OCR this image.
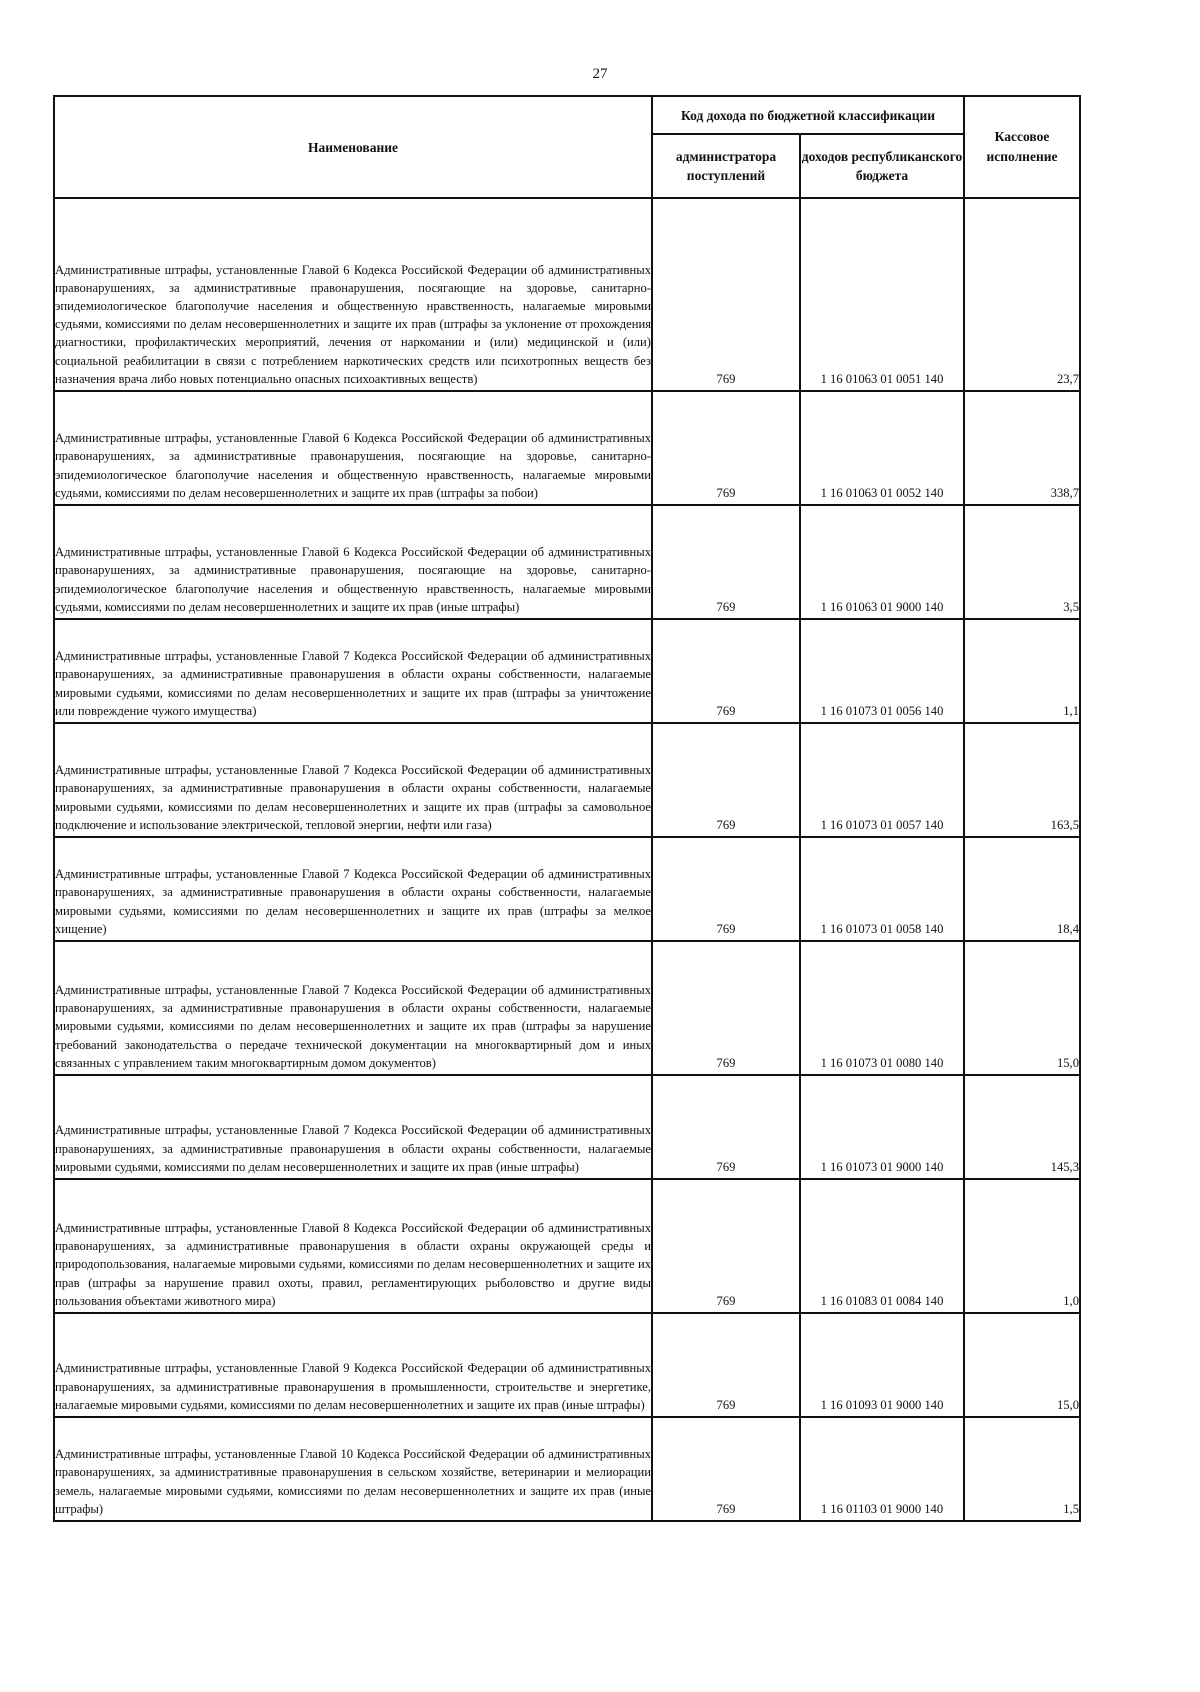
27
Наименование	Код дохода по бюджетной классификации		Кассовое исполнение
	администратора поступлений	доходов республиканского бюджета	

Административные штрафы, установленные Главой 6 Кодекса Российской Федерации об административных правонарушениях, за административные правонарушения, посягающие на здоровье, санитарно-эпидемиологическое благополучие населения и общественную нравственность, налагаемые мировыми судьями, комиссиями по делам несовершеннолетних и защите их прав (штрафы за уклонение от прохождения диагностики, профилактических мероприятий, лечения от наркомании и (или) медицинской и (или) социальной реабилитации в связи с потреблением наркотических средств или психотропных веществ без назначения врача либо новых потенциально опасных психоактивных веществ)	769	1 16 01063 01 0051 140	23,7

Административные штрафы, установленные Главой 6 Кодекса Российской Федерации об административных правонарушениях, за административные правонарушения, посягающие на здоровье, санитарно-эпидемиологическое благополучие населения и общественную нравственность, налагаемые мировыми судьями, комиссиями по делам несовершеннолетних и защите их прав (штрафы за побои)	769	1 16 01063 01 0052 140	338,7

Административные штрафы, установленные Главой 6 Кодекса Российской Федерации об административных правонарушениях, за административные правонарушения, посягающие на здоровье, санитарно-эпидемиологическое благополучие населения и общественную нравственность, налагаемые мировыми судьями, комиссиями по делам несовершеннолетних и защите их прав (иные штрафы)	769	1 16 01063 01 9000 140	3,5

Административные штрафы, установленные Главой 7 Кодекса Российской Федерации об административных правонарушениях, за административные правонарушения в области охраны собственности, налагаемые мировыми судьями, комиссиями по делам несовершеннолетних и защите их прав (штрафы за уничтожение или повреждение чужого имущества)	769	1 16 01073 01 0056 140	1,1

Административные штрафы, установленные Главой 7 Кодекса Российской Федерации об административных правонарушениях, за административные правонарушения в области охраны собственности, налагаемые мировыми судьями, комиссиями по делам несовершеннолетних и защите их прав (штрафы за самовольное подключение и использование электрической, тепловой энергии, нефти или газа)	769	1 16 01073 01 0057 140	163,5

Административные штрафы, установленные Главой 7 Кодекса Российской Федерации об административных правонарушениях, за административные правонарушения в области охраны собственности, налагаемые мировыми судьями, комиссиями по делам несовершеннолетних и защите их прав (штрафы за мелкое хищение)	769	1 16 01073 01 0058 140	18,4

Административные штрафы, установленные Главой 7 Кодекса Российской Федерации об административных правонарушениях, за административные правонарушения в области охраны собственности, налагаемые мировыми судьями, комиссиями по делам несовершеннолетних и защите их прав (штрафы за нарушение требований законодательства о передаче технической документации на многоквартирный дом и иных связанных с управлением таким многоквартирным домом документов)	769	1 16 01073 01 0080 140	15,0

Административные штрафы, установленные Главой 7 Кодекса Российской Федерации об административных правонарушениях, за административные правонарушения в области охраны собственности, налагаемые мировыми судьями, комиссиями по делам несовершеннолетних и защите их прав (иные штрафы)	769	1 16 01073 01 9000 140	145,3

Административные штрафы, установленные Главой 8 Кодекса Российской Федерации об административных правонарушениях, за административные правонарушения в области охраны окружающей среды и природопользования, налагаемые мировыми судьями, комиссиями по делам несовершеннолетних и защите их прав (штрафы за нарушение правил охоты, правил, регламентирующих рыболовство и другие виды пользования объектами животного мира)	769	1 16 01083 01 0084 140	1,0

Административные штрафы, установленные Главой 9 Кодекса Российской Федерации об административных правонарушениях, за административные правонарушения в промышленности, строительстве и энергетике, налагаемые мировыми судьями, комиссиями по делам несовершеннолетних и защите их прав (иные штрафы)	769	1 16 01093 01 9000 140	15,0

Административные штрафы, установленные Главой 10 Кодекса Российской Федерации об административных правонарушениях, за административные правонарушения в сельском хозяйстве, ветеринарии и мелиорации земель, налагаемые мировыми судьями, комиссиями по делам несовершеннолетних и защите их прав (иные штрафы)	769	1 16 01103 01 9000 140	1,5
